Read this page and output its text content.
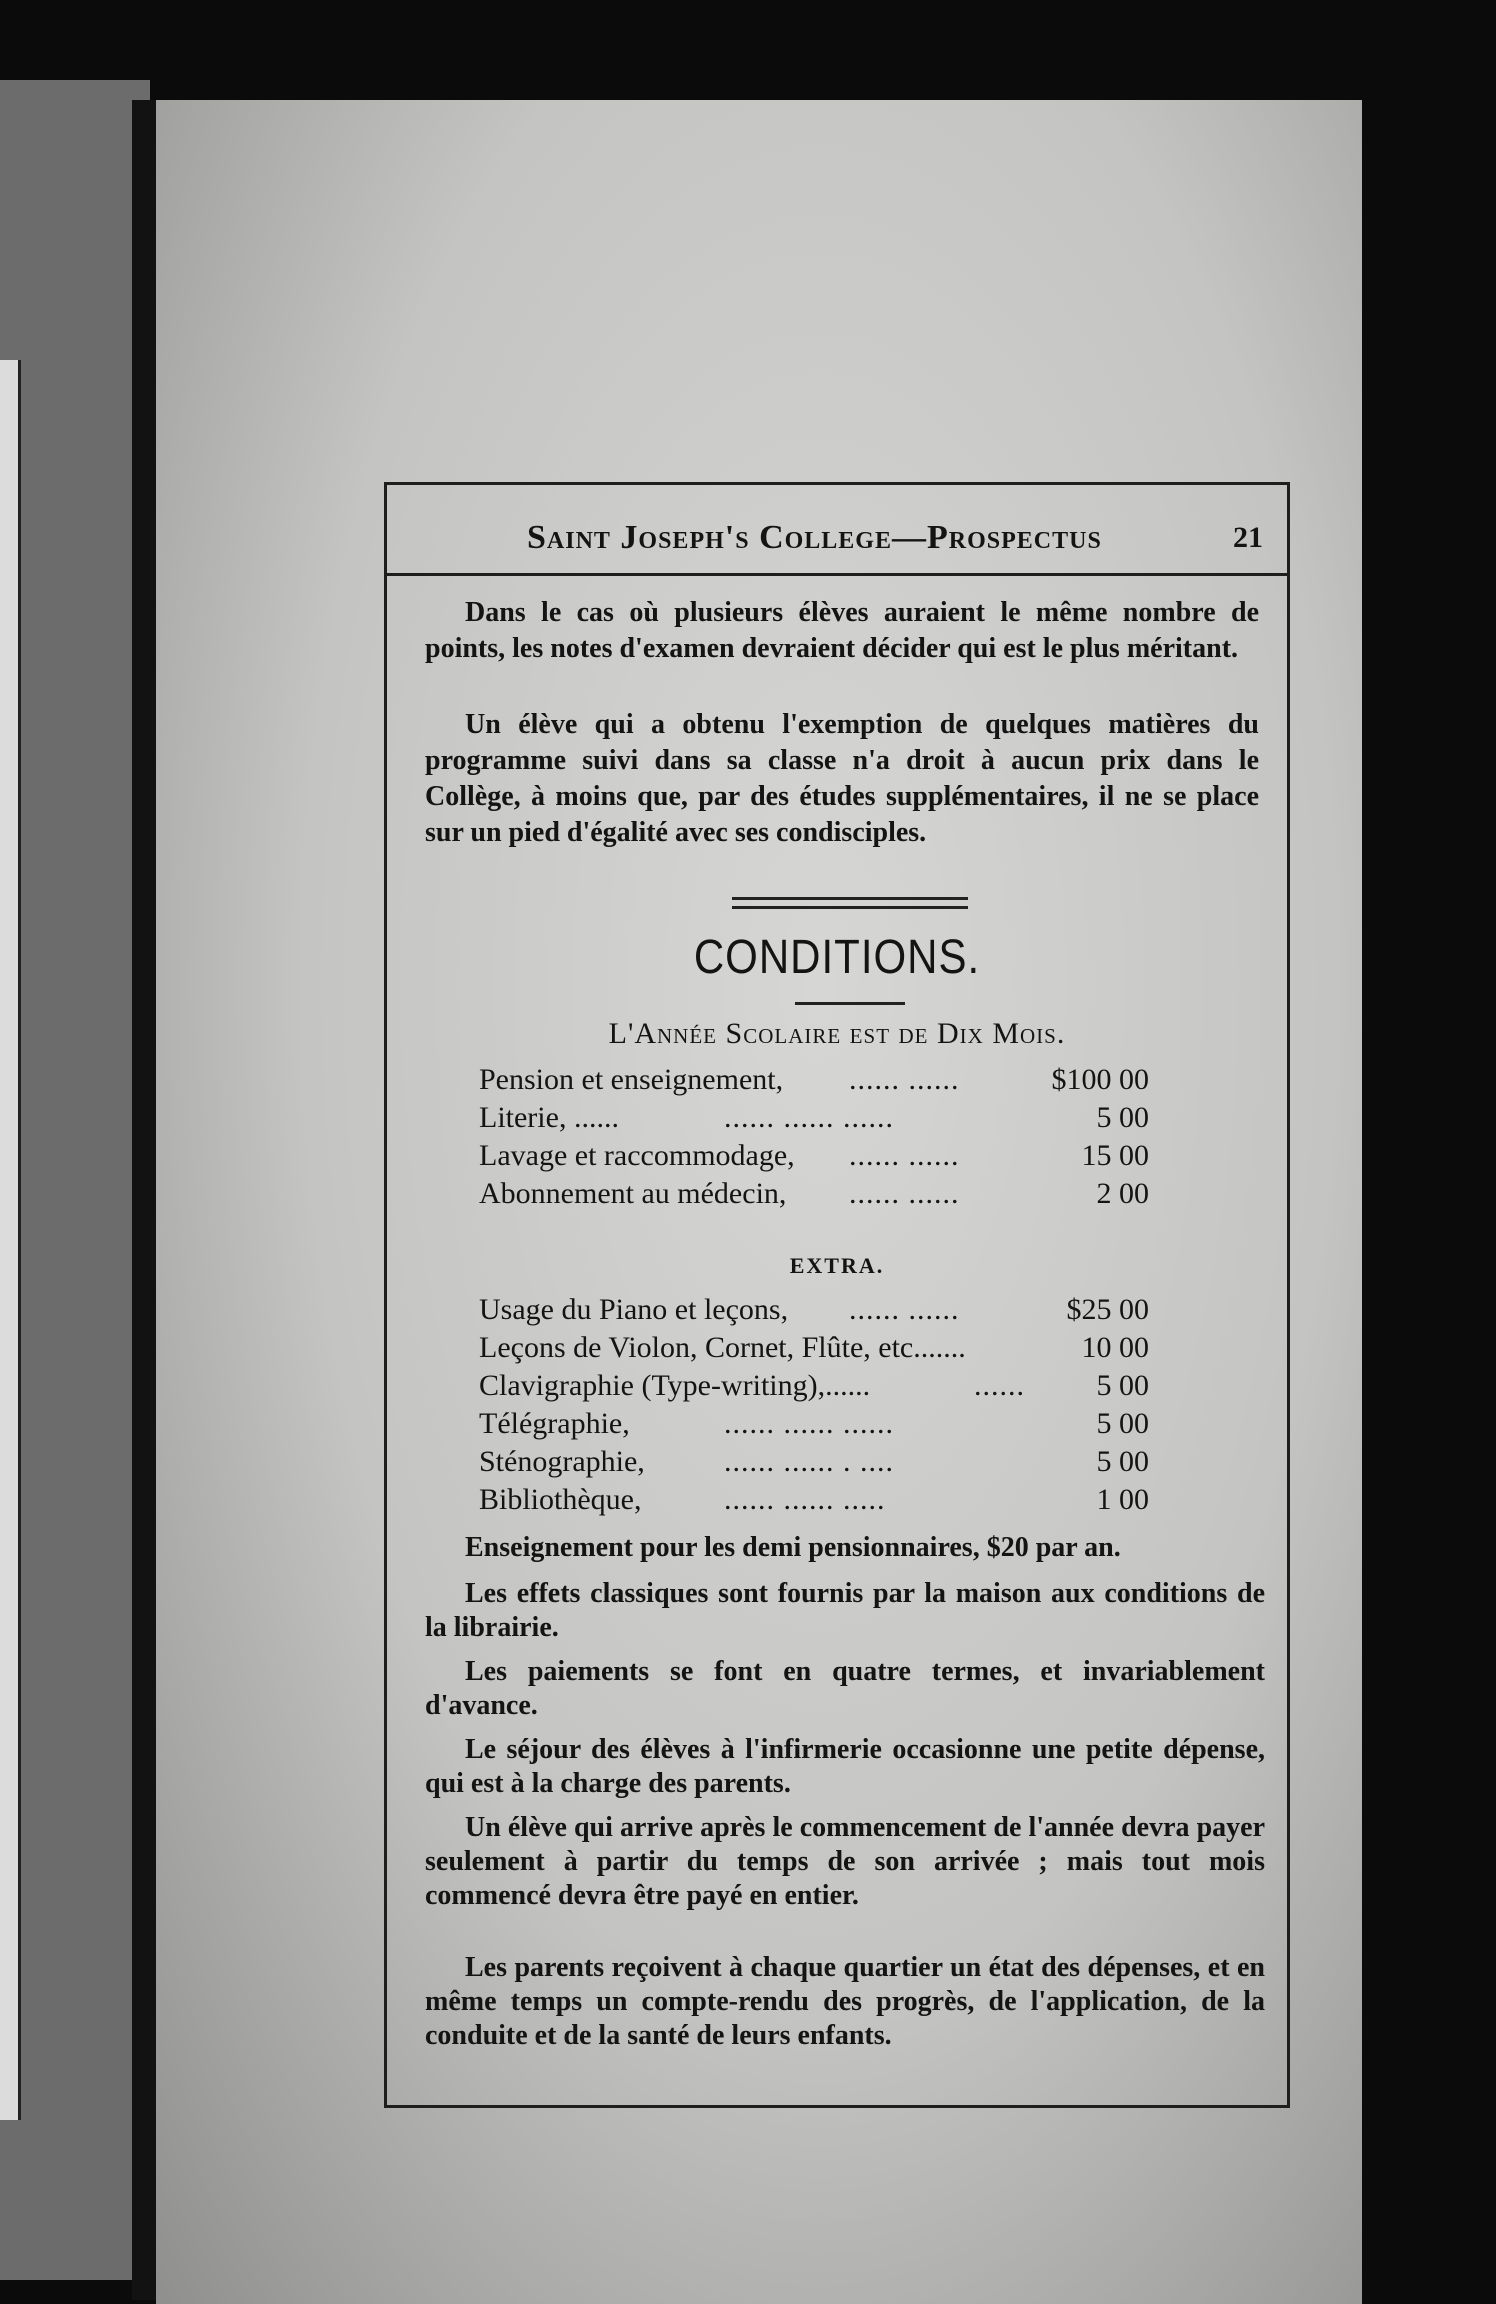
Saint Joseph's College—Prospectus	21

Dans le cas où plusieurs élèves auraient le même nombre de points, les notes d'examen devraient décider qui est le plus méritant.

Un élève qui a obtenu l'exemption de quelques matières du programme suivi dans sa classe n'a droit à aucun prix dans le Collège, à moins que, par des études supplémentaires, il ne se place sur un pied d'égalité avec ses condisciples.

CONDITIONS.
L'Année Scolaire est de Dix Mois.
Pension et enseignement, ...... ......	$100 00
Literie, ......	...... ...... ......	5 00
Lavage et raccommodage, ...... ......	15 00
Abonnement au médecin, ...... ......	2 00
EXTRA.
Usage du Piano et leçons, ...... ......	$25 00
Leçons de Violon, Cornet, Flûte, etc.......	10 00
Clavigraphie (Type-writing),......	......	5 00
Télégraphie,	...... ...... ......	5 00
Sténographie,	...... ...... . ....	5 00
Bibliothèque,	...... ...... .....	1 00

Enseignement pour les demi pensionnaires, $20 par an.

Les effets classiques sont fournis par la maison aux conditions de la librairie.

Les paiements se font en quatre termes, et invariablement d'avance.

Le séjour des élèves à l'infirmerie occasionne une petite dépense, qui est à la charge des parents.

Un élève qui arrive après le commencement de l'année devra payer seulement à partir du temps de son arrivée ; mais tout mois commencé devra être payé en entier.

Les parents reçoivent à chaque quartier un état des dépenses, et en même temps un compte-rendu des progrès, de l'application, de la conduite et de la santé de leurs enfants.
